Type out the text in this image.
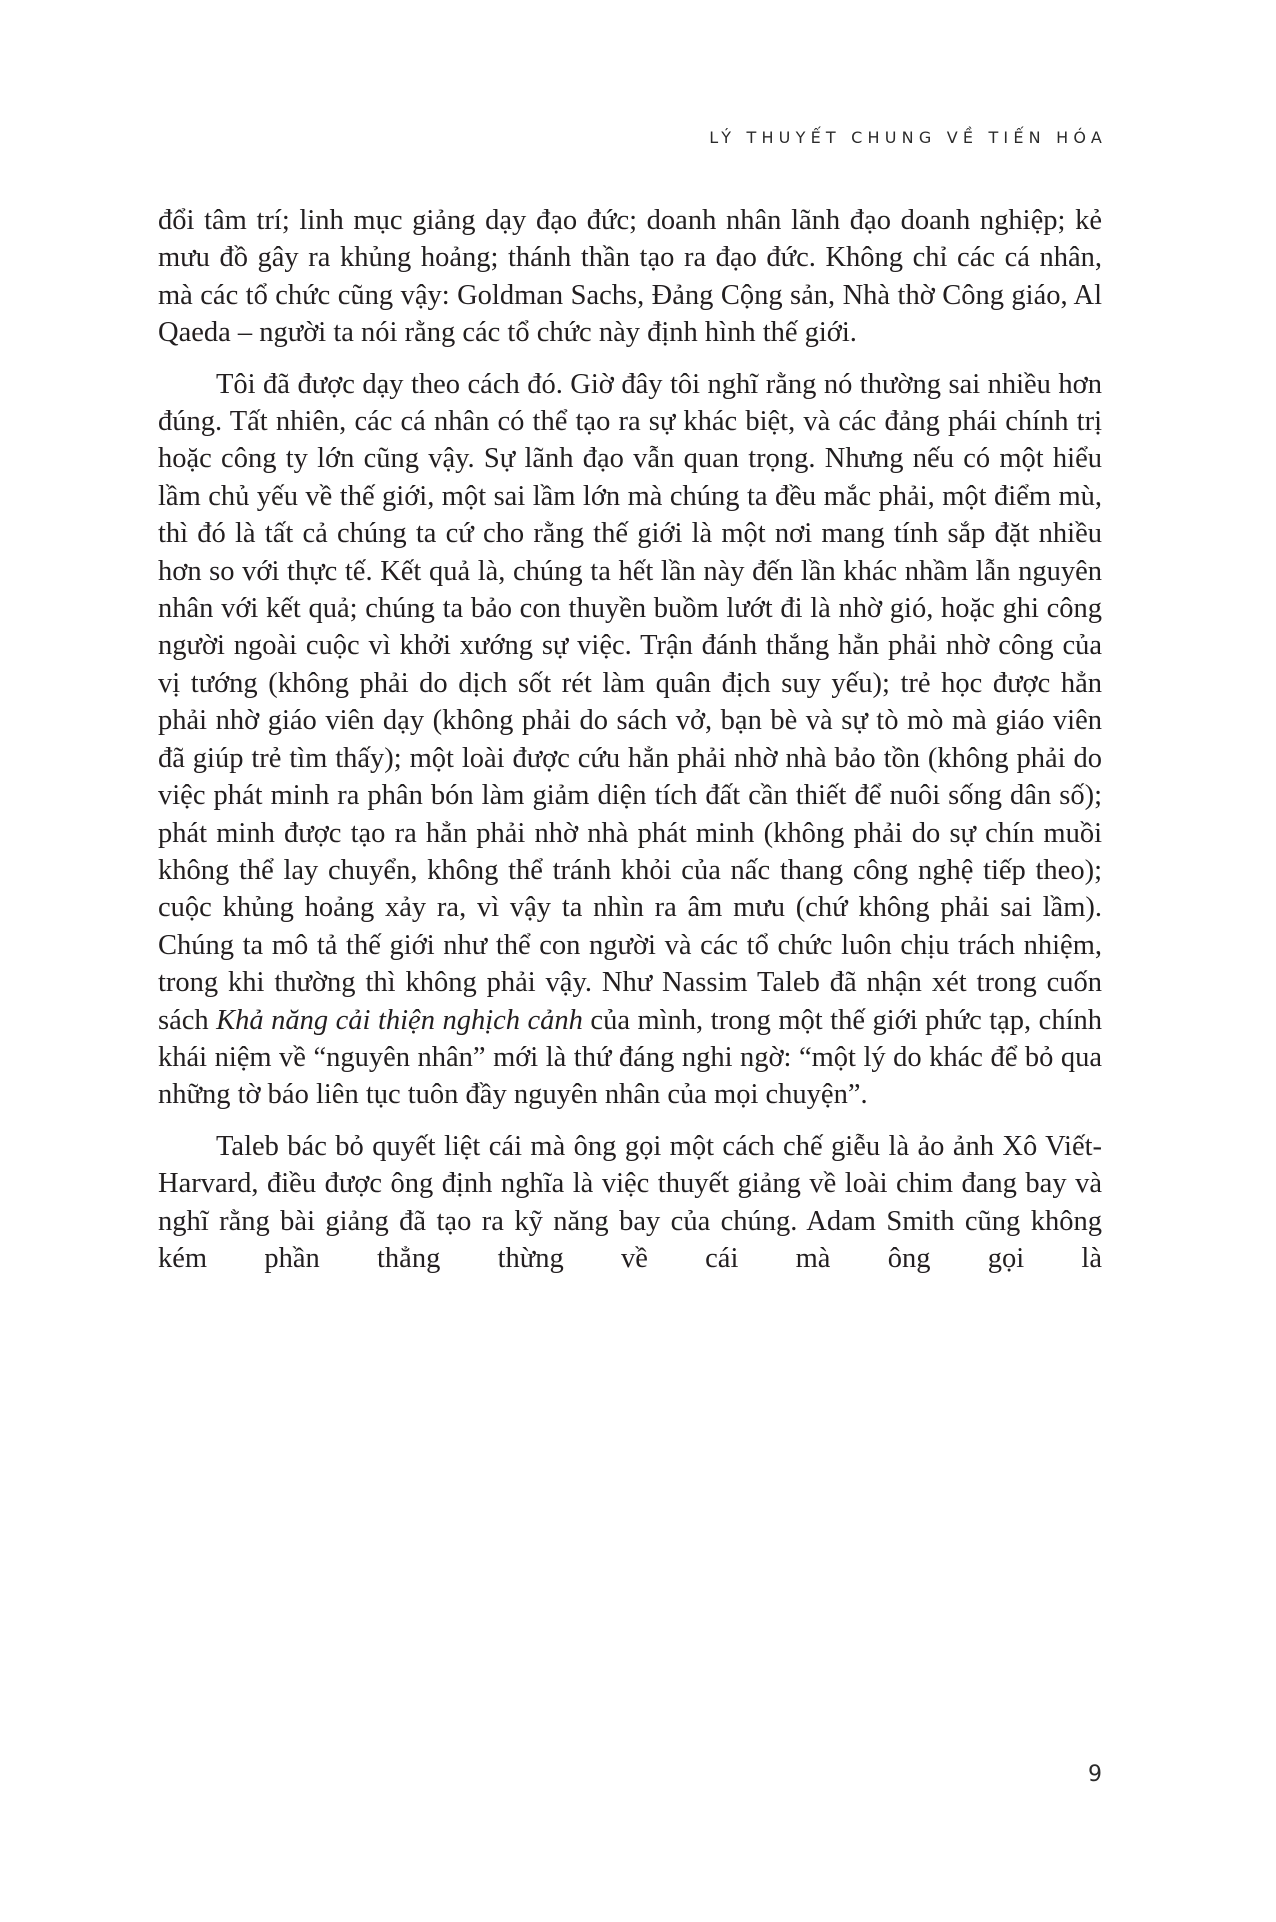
LÝ THUYẾT CHUNG VỀ TIẾN HÓA

đổi tâm trí; linh mục giảng dạy đạo đức; doanh nhân lãnh đạo doanh nghiệp; kẻ mưu đồ gây ra khủng hoảng; thánh thần tạo ra đạo đức. Không chỉ các cá nhân, mà các tổ chức cũng vậy: Goldman Sachs, Đảng Cộng sản, Nhà thờ Công giáo, Al Qaeda – người ta nói rằng các tổ chức này định hình thế giới.

Tôi đã được dạy theo cách đó. Giờ đây tôi nghĩ rằng nó thường sai nhiều hơn đúng. Tất nhiên, các cá nhân có thể tạo ra sự khác biệt, và các đảng phái chính trị hoặc công ty lớn cũng vậy. Sự lãnh đạo vẫn quan trọng. Nhưng nếu có một hiểu lầm chủ yếu về thế giới, một sai lầm lớn mà chúng ta đều mắc phải, một điểm mù, thì đó là tất cả chúng ta cứ cho rằng thế giới là một nơi mang tính sắp đặt nhiều hơn so với thực tế. Kết quả là, chúng ta hết lần này đến lần khác nhầm lẫn nguyên nhân với kết quả; chúng ta bảo con thuyền buồm lướt đi là nhờ gió, hoặc ghi công người ngoài cuộc vì khởi xướng sự việc. Trận đánh thắng hẳn phải nhờ công của vị tướng (không phải do dịch sốt rét làm quân địch suy yếu); trẻ học được hẳn phải nhờ giáo viên dạy (không phải do sách vở, bạn bè và sự tò mò mà giáo viên đã giúp trẻ tìm thấy); một loài được cứu hẳn phải nhờ nhà bảo tồn (không phải do việc phát minh ra phân bón làm giảm diện tích đất cần thiết để nuôi sống dân số); phát minh được tạo ra hẳn phải nhờ nhà phát minh (không phải do sự chín muồi không thể lay chuyển, không thể tránh khỏi của nấc thang công nghệ tiếp theo); cuộc khủng hoảng xảy ra, vì vậy ta nhìn ra âm mưu (chứ không phải sai lầm). Chúng ta mô tả thế giới như thể con người và các tổ chức luôn chịu trách nhiệm, trong khi thường thì không phải vậy. Như Nassim Taleb đã nhận xét trong cuốn sách Khả năng cải thiện nghịch cảnh của mình, trong một thế giới phức tạp, chính khái niệm về “nguyên nhân” mới là thứ đáng nghi ngờ: “một lý do khác để bỏ qua những tờ báo liên tục tuôn đầy nguyên nhân của mọi chuyện”.

Taleb bác bỏ quyết liệt cái mà ông gọi một cách chế giễu là ảo ảnh Xô Viết-Harvard, điều được ông định nghĩa là việc thuyết giảng về loài chim đang bay và nghĩ rằng bài giảng đã tạo ra kỹ năng bay của chúng. Adam Smith cũng không kém phần thẳng thừng về cái mà ông gọi là

9
